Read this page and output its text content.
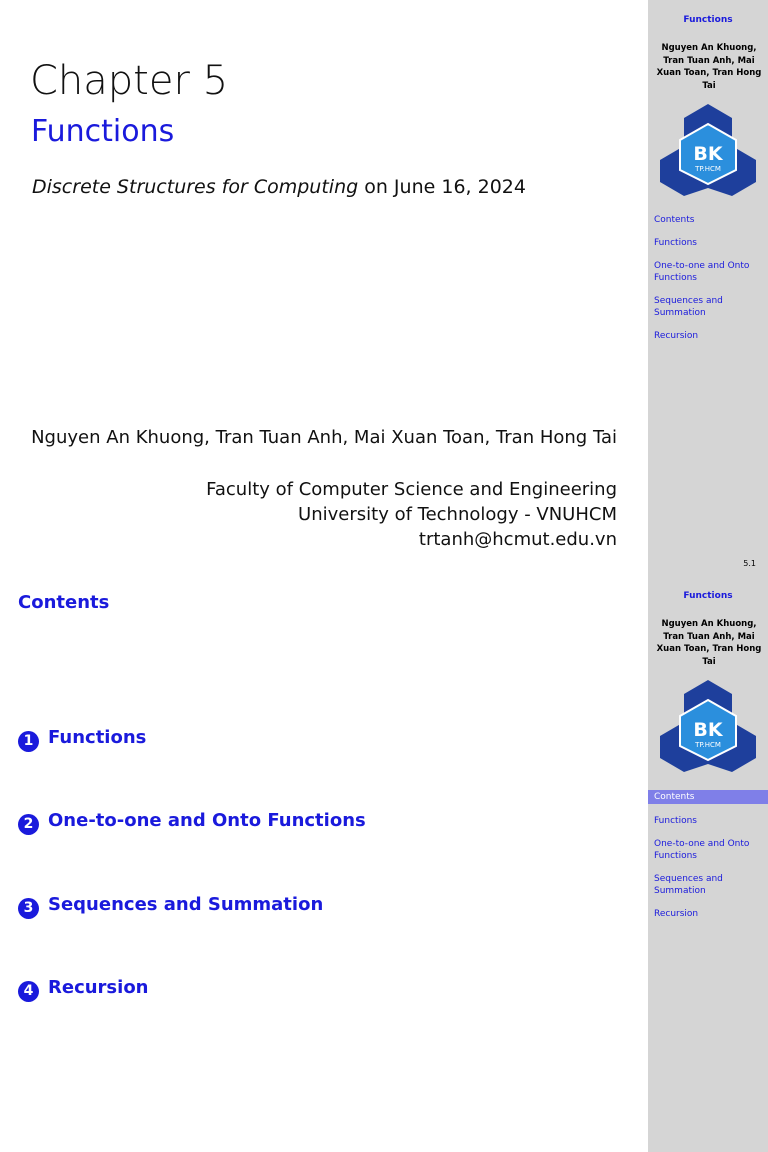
Chapter 5
Functions
Discrete Structures for Computing on June 16, 2024
Nguyen An Khuong, Tran Tuan Anh, Mai Xuan Toan, Tran Hong Tai
Faculty of Computer Science and Engineering
University of Technology - VNUHCM
trtanh@hcmut.edu.vn
Functions
Nguyen An Khuong, Tran Tuan Anh, Mai Xuan Toan, Tran Hong Tai
BK
TP.HCM
Contents
Functions
One-to-one and Onto Functions
Sequences and Summation
Recursion
5.1
Contents
1 Functions
2 One-to-one and Onto Functions
3 Sequences and Summation
4 Recursion
Functions
Nguyen An Khuong, Tran Tuan Anh, Mai Xuan Toan, Tran Hong Tai
BK
TP.HCM
Contents
Functions
One-to-one and Onto Functions
Sequences and Summation
Recursion
